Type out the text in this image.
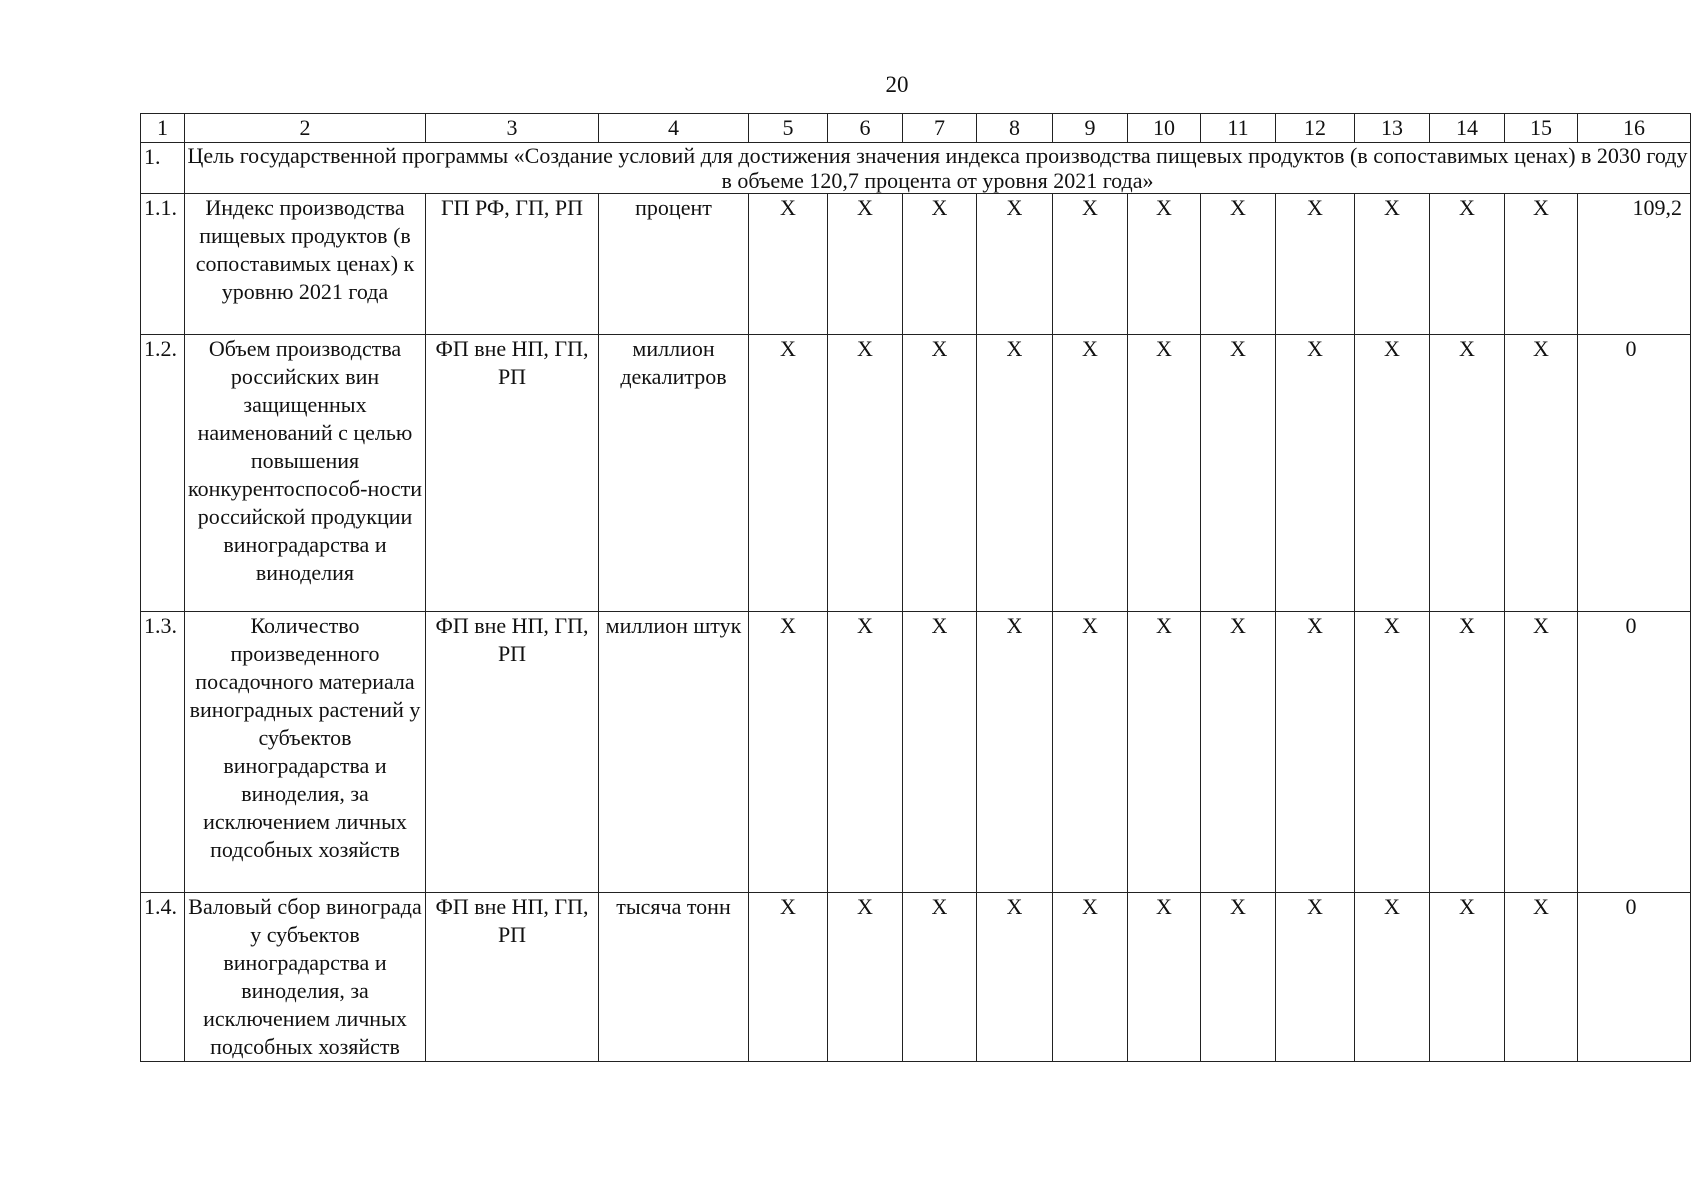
20
1	2	3	4	5	6	7	8	9	10	11	12	13	14	15	16
1.	Цель государственной программы «Создание условий для достижения значения индекса производства пищевых продуктов (в сопоставимых ценах) в 2030 году в объеме 120,7 процента от уровня 2021 года»														
1.1.	Индекс производства пищевых продуктов (в сопоставимых ценах) к уровню 2021 года	ГП РФ, ГП, РП	процент	X	X	X	X	X	X	X	X	X	X	X	109,2
1.2.	Объем производства российских вин защищенных наименований с целью повышения конкурентоспособ-ности российской продукции виноградарства и виноделия	ФП вне НП, ГП, РП	миллион декалитров	X	X	X	X	X	X	X	X	X	X	X	0
1.3.	Количество произведенного посадочного материала виноградных растений у субъектов виноградарства и виноделия, за исключением личных подсобных хозяйств	ФП вне НП, ГП, РП	миллион штук	X	X	X	X	X	X	X	X	X	X	X	0
1.4.	Валовый сбор винограда у субъектов виноградарства и виноделия, за исключением личных подсобных хозяйств	ФП вне НП, ГП, РП	тысяча тонн	X	X	X	X	X	X	X	X	X	X	X	0
